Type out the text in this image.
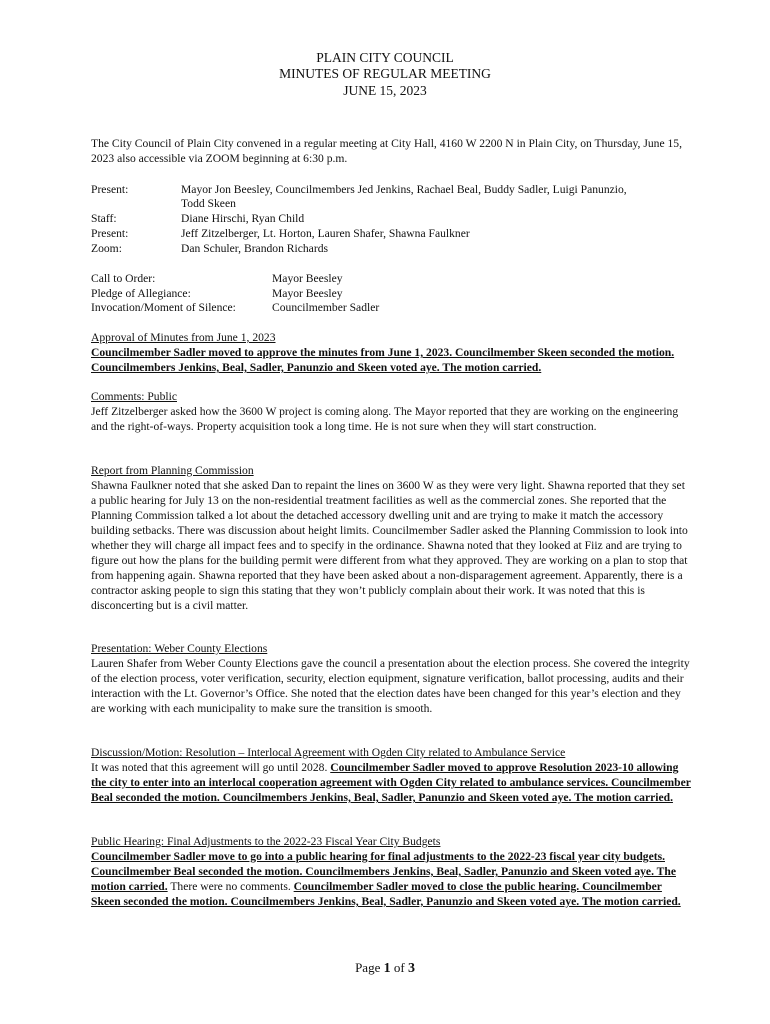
PLAIN CITY COUNCIL
MINUTES OF REGULAR MEETING
JUNE 15, 2023
The City Council of Plain City convened in a regular meeting at City Hall, 4160 W 2200 N in Plain City, on Thursday, June 15, 2023 also accessible via ZOOM beginning at 6:30 p.m.
Present:	Mayor Jon Beesley, Councilmembers Jed Jenkins, Rachael Beal, Buddy Sadler, Luigi Panunzio,
Todd Skeen
Staff:	Diane Hirschi, Ryan Child
Present:	Jeff Zitzelberger, Lt. Horton, Lauren Shafer, Shawna Faulkner
Zoom:	Dan Schuler, Brandon Richards
Call to Order:	Mayor Beesley
Pledge of Allegiance:	Mayor Beesley
Invocation/Moment of Silence:	Councilmember Sadler

Approval of Minutes from June 1, 2023

Councilmember Sadler moved to approve the minutes from June 1, 2023. Councilmember Skeen seconded the motion. Councilmembers Jenkins, Beal, Sadler, Panunzio and Skeen voted aye. The motion carried.

Comments: Public

Jeff Zitzelberger asked how the 3600 W project is coming along. The Mayor reported that they are working on the engineering and the right-of-ways. Property acquisition took a long time. He is not sure when they will start construction.

Report from Planning Commission

Shawna Faulkner noted that she asked Dan to repaint the lines on 3600 W as they were very light. Shawna reported that they set a public hearing for July 13 on the non-residential treatment facilities as well as the commercial zones. She reported that the Planning Commission talked a lot about the detached accessory dwelling unit and are trying to make it match the accessory building setbacks. There was discussion about height limits. Councilmember Sadler asked the Planning Commission to look into whether they will charge all impact fees and to specify in the ordinance. Shawna noted that they looked at Fiiz and are trying to figure out how the plans for the building permit were different from what they approved. They are working on a plan to stop that from happening again. Shawna reported that they have been asked about a non-disparagement agreement. Apparently, there is a contractor asking people to sign this stating that they won’t publicly complain about their work. It was noted that this is disconcerting but is a civil matter.

Presentation: Weber County Elections

Lauren Shafer from Weber County Elections gave the council a presentation about the election process. She covered the integrity of the election process, voter verification, security, election equipment, signature verification, ballot processing, audits and their interaction with the Lt. Governor’s Office. She noted that the election dates have been changed for this year’s election and they are working with each municipality to make sure the transition is smooth.

Discussion/Motion: Resolution – Interlocal Agreement with Ogden City related to Ambulance Service

It was noted that this agreement will go until 2028. Councilmember Sadler moved to approve Resolution 2023-10 allowing the city to enter into an interlocal cooperation agreement with Ogden City related to ambulance services. Councilmember Beal seconded the motion. Councilmembers Jenkins, Beal, Sadler, Panunzio and Skeen voted aye. The motion carried.

Public Hearing: Final Adjustments to the 2022-23 Fiscal Year City Budgets

Councilmember Sadler move to go into a public hearing for final adjustments to the 2022-23 fiscal year city budgets. Councilmember Beal seconded the motion. Councilmembers Jenkins, Beal, Sadler, Panunzio and Skeen voted aye. The motion carried. There were no comments. Councilmember Sadler moved to close the public hearing. Councilmember Skeen seconded the motion. Councilmembers Jenkins, Beal, Sadler, Panunzio and Skeen voted aye. The motion carried.

Page 1 of 3
